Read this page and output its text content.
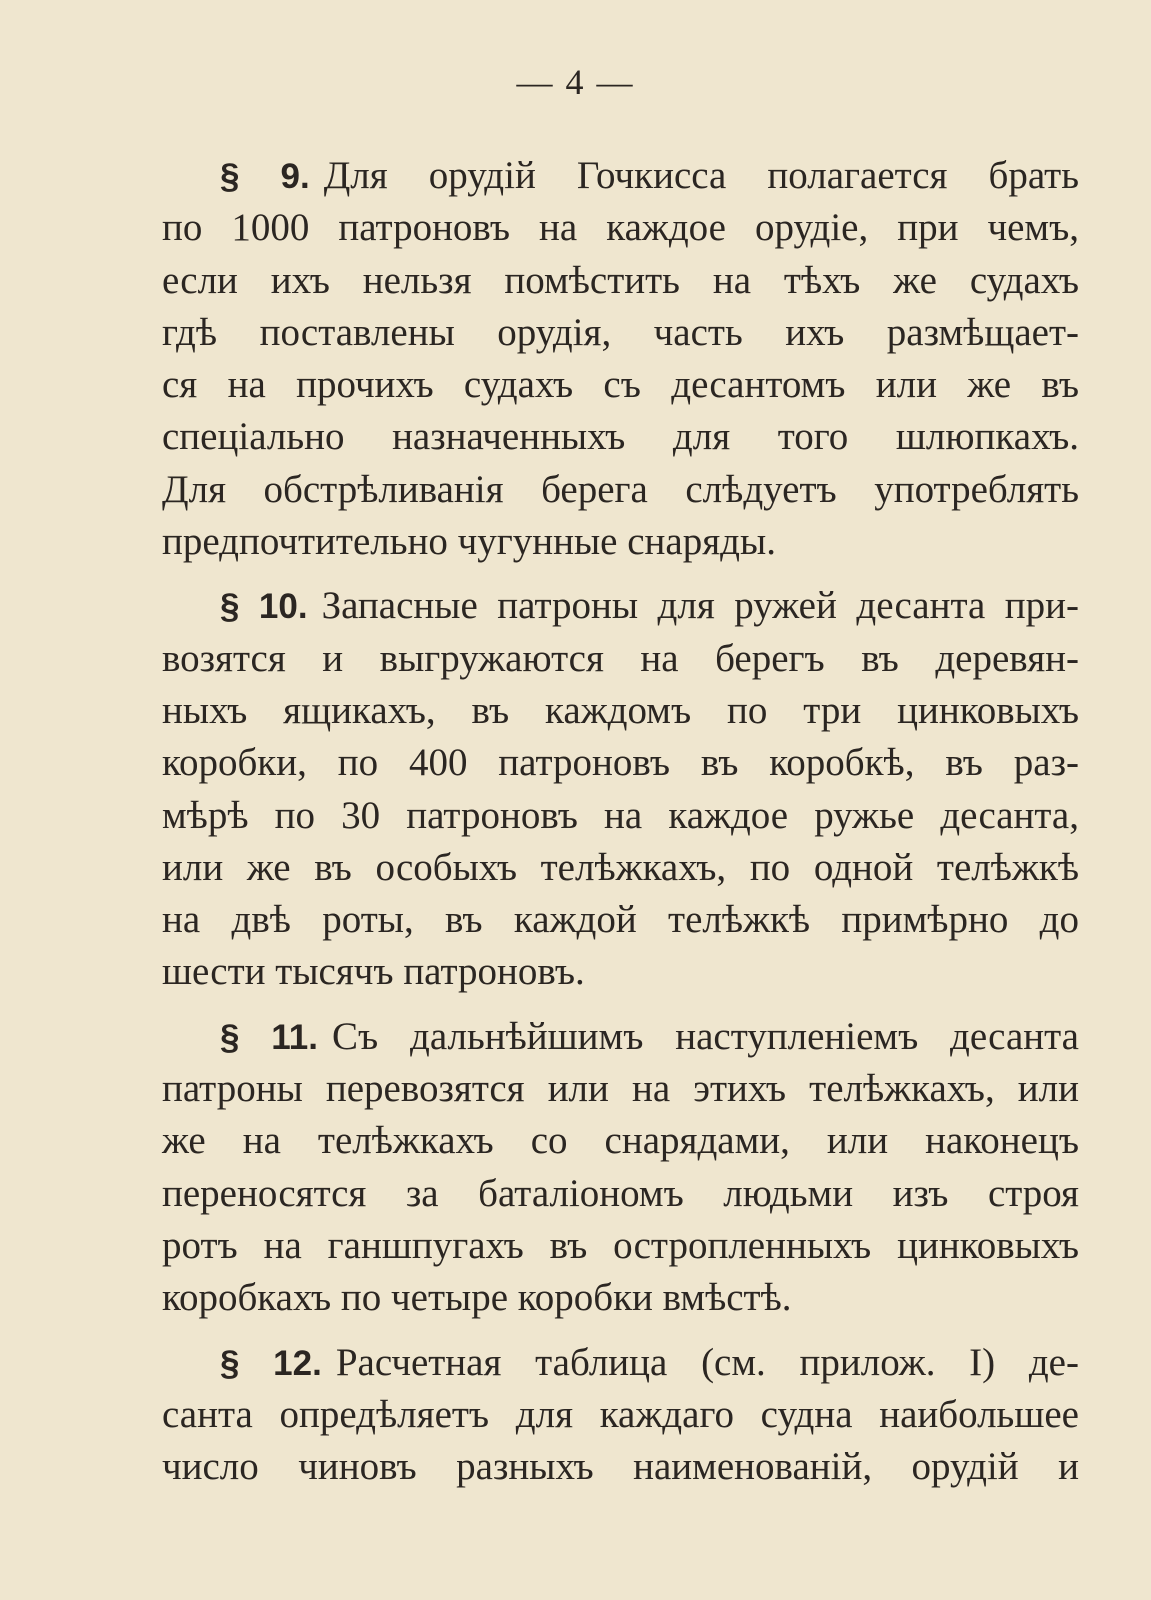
— 4 —
§ 9. Для орудій Гочкисса полагается брать
по 1000 патроновъ на каждое орудіе, при чемъ,
если ихъ нельзя помѣстить на тѣхъ же судахъ
гдѣ поставлены орудія, часть ихъ размѣщает-
ся на прочихъ судахъ съ десантомъ или же въ
спеціально назначенныхъ для того шлюпкахъ.
Для обстрѣливанія берега слѣдуетъ употреблять
предпочтительно чугунные снаряды.
§ 10. Запасные патроны для ружей десанта при-
возятся и выгружаются на берегъ въ деревян-
ныхъ ящикахъ, въ каждомъ по три цинковыхъ
коробки, по 400 патроновъ въ коробкѣ, въ раз-
мѣрѣ по 30 патроновъ на каждое ружье десанта,
или же въ особыхъ телѣжкахъ, по одной телѣжкѣ
на двѣ роты, въ каждой телѣжкѣ примѣрно до
шести тысячъ патроновъ.
§ 11. Съ дальнѣйшимъ наступленіемъ десанта
патроны перевозятся или на этихъ телѣжкахъ, или
же на телѣжкахъ со снарядами, или наконецъ
переносятся за баталіономъ людьми изъ строя
ротъ на ганшпугахъ въ остропленныхъ цинковыхъ
коробкахъ по четыре коробки вмѣстѣ.
§ 12. Расчетная таблица (см. прилож. I) де-
санта опредѣляетъ для каждаго судна наибольшее
число чиновъ разныхъ наименованій, орудій и
